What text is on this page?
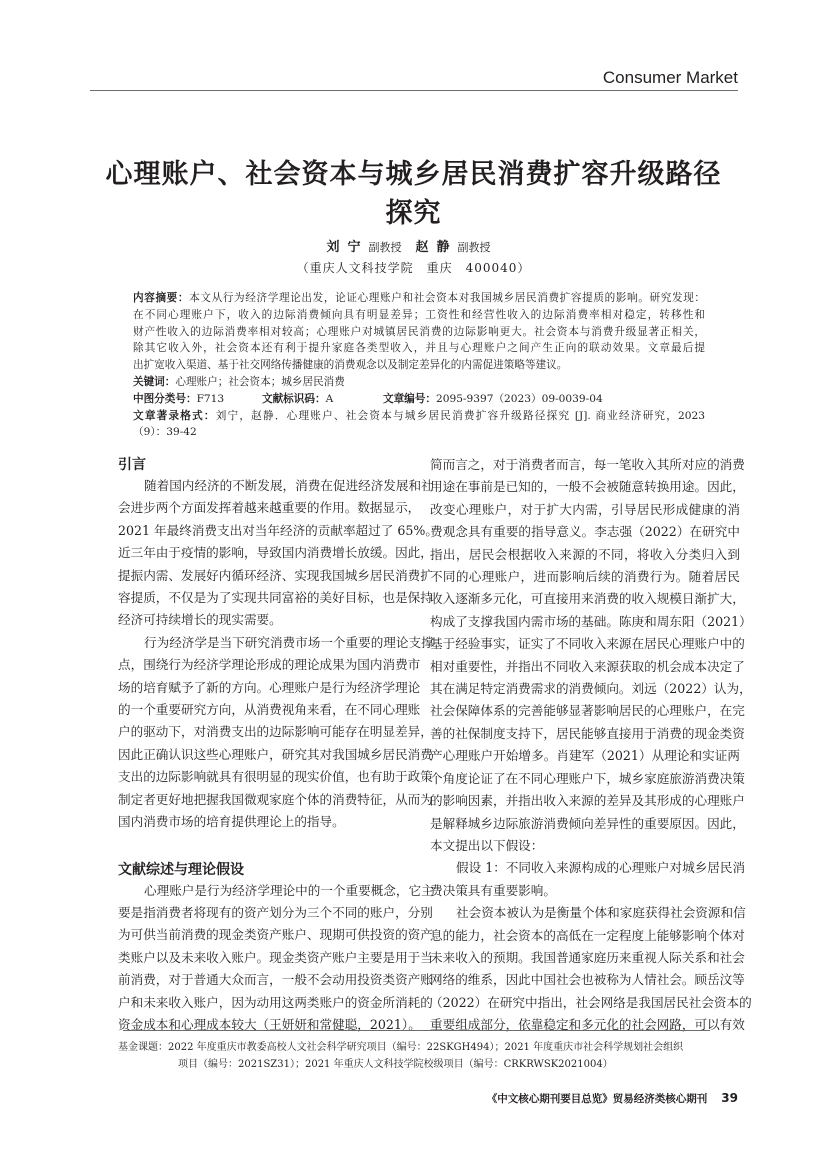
Consumer Market
心理账户、社会资本与城乡居民消费扩容升级路径探究
刘宁副教授 赵静副教授
（重庆人文科技学院　重庆　400040）
内容摘要：本文从行为经济学理论出发，论证心理账户和社会资本对我国城乡居民消费扩容提质的影响。研究发现：
在不同心理账户下，收入的边际消费倾向具有明显差异；工资性和经营性收入的边际消费率相对稳定，转移性和
财产性收入的边际消费率相对较高；心理账户对城镇居民消费的边际影响更大。社会资本与消费升级显著正相关，
除其它收入外，社会资本还有利于提升家庭各类型收入，并且与心理账户之间产生正向的联动效果。文章最后提
出扩宽收入渠道、基于社交网络传播健康的消费观念以及制定差异化的内需促进策略等建议。
关键词：心理账户；社会资本；城乡居民消费
中图分类号：F713	文献标识码：A	文章编号：2095-9397（2023）09-0039-04
文章著录格式：刘宁，赵静．心理账户、社会资本与城乡居民消费扩容升级路径探究 [J]. 商业经济研究，2023
（9）：39-42
引言
随着国内经济的不断发展，消费在促进经济发展和社
会进步两个方面发挥着越来越重要的作用。数据显示，
2021 年最终消费支出对当年经济的贡献率超过了 65%。
近三年由于疫情的影响，导致国内消费增长放缓。因此，
提振内需、发展好内循环经济、实现我国城乡居民消费扩
容提质，不仅是为了实现共同富裕的美好目标，也是保持
经济可持续增长的现实需要。
行为经济学是当下研究消费市场一个重要的理论支撑
点，围绕行为经济学理论形成的理论成果为国内消费市
场的培育赋予了新的方向。心理账户是行为经济学理论
的一个重要研究方向，从消费视角来看，在不同心理账
户的驱动下，对消费支出的边际影响可能存在明显差异，
因此正确认识这些心理账户，研究其对我国城乡居民消费
支出的边际影响就具有很明显的现实价值，也有助于政策
制定者更好地把握我国微观家庭个体的消费特征，从而为
国内消费市场的培育提供理论上的指导。
文献综述与理论假设
心理账户是行为经济学理论中的一个重要概念，它主
要是指消费者将现有的资产划分为三个不同的账户，分别
为可供当前消费的现金类资产账户、现期可供投资的资产
类账户以及未来收入账户。现金类资产账户主要是用于当
前消费，对于普通大众而言，一般不会动用投资类资产账
户和未来收入账户，因为动用这两类账户的资金所消耗的
资金成本和心理成本较大（王妍妍和常健聪，2021）。
简而言之，对于消费者而言，每一笔收入其所对应的消费
用途在事前是已知的，一般不会被随意转换用途。因此，
改变心理账户，对于扩大内需，引导居民形成健康的消
费观念具有重要的指导意义。李志强（2022）在研究中
指出，居民会根据收入来源的不同，将收入分类归入到
不同的心理账户，进而影响后续的消费行为。随着居民
收入逐渐多元化，可直接用来消费的收入规模日渐扩大，
构成了支撑我国内需市场的基础。陈庚和周东阳（2021）
基于经验事实，证实了不同收入来源在居民心理账户中的
相对重要性，并指出不同收入来源获取的机会成本决定了
其在满足特定消费需求的消费倾向。刘远（2022）认为，
社会保障体系的完善能够显著影响居民的心理账户，在完
善的社保制度支持下，居民能够直接用于消费的现金类资
产心理账户开始增多。肖建军（2021）从理论和实证两
个角度论证了在不同心理账户下，城乡家庭旅游消费决策
的影响因素，并指出收入来源的差异及其形成的心理账户
是解释城乡边际旅游消费倾向差异性的重要原因。因此，
本文提出以下假设：
假设 1：不同收入来源构成的心理账户对城乡居民消
费决策具有重要影响。
社会资本被认为是衡量个体和家庭获得社会资源和信
息的能力，社会资本的高低在一定程度上能够影响个体对
未来收入的预期。我国普通家庭历来重视人际关系和社会
网络的维系，因此中国社会也被称为人情社会。顾岳汶等
（2022）在研究中指出，社会网络是我国居民社会资本的
重要组成部分，依靠稳定和多元化的社会网路，可以有效
基金课题：2022 年度重庆市教委高校人文社会科学研究项目（编号：22SKGH494）；2021 年度重庆市社会科学规划社会组织
项目（编号：2021SZ31）；2021 年重庆人文科技学院校级项目（编号：CRKRWSK2021004）
《中文核心期刊要目总览》贸易经济类核心期刊 39
